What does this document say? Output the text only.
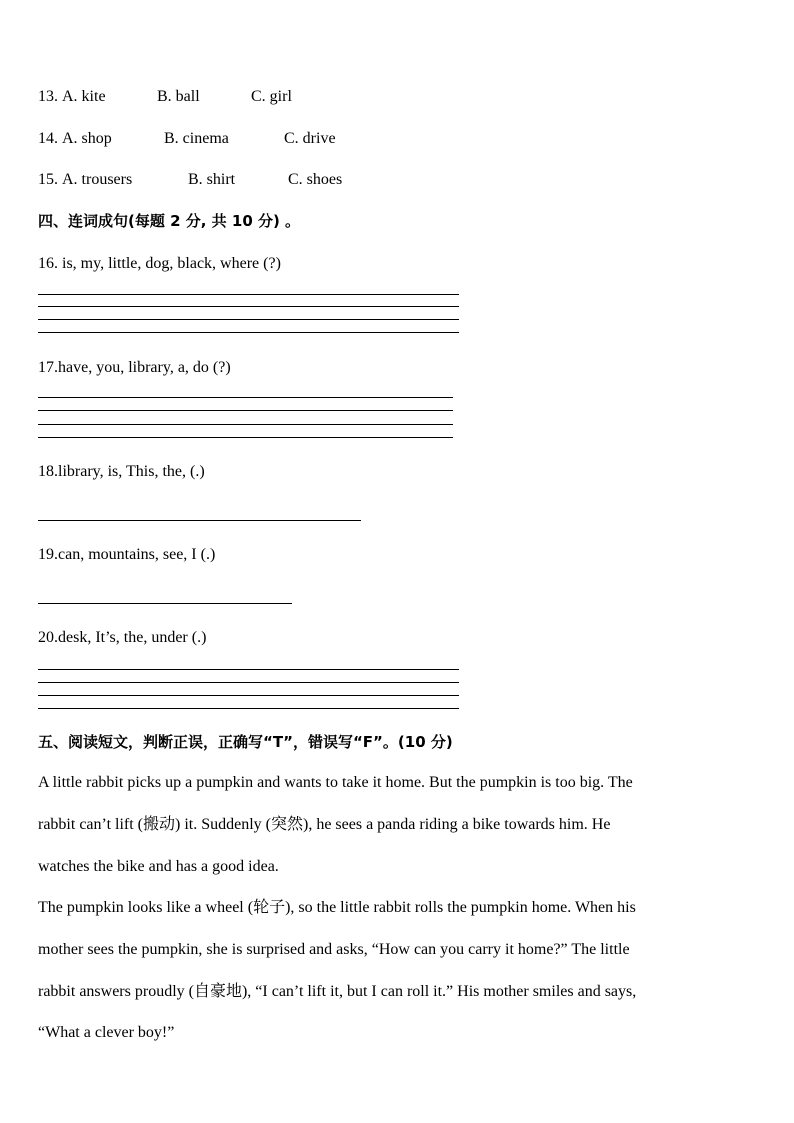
13. A. kite	B. ball	C. girl
14. A. shop	B. cinema	C. drive
15. A. trousers	B. shirt	C. shoes
四、连词成句(每题 2 分, 共 10 分) 。
16. is, my, little, dog, black, where (?)
17.have, you, library, a, do (?)
18.library, is, This, the, (.)
19.can, mountains, see, I (.)
20.desk, It’s, the, under (.)
五、阅读短文，判断正误，正确写“T”，错误写“F”。(10 分)
A little rabbit picks up a pumpkin and wants to take it home. But the pumpkin is too big. The
rabbit can’t lift (搬动) it. Suddenly (突然), he sees a panda riding a bike towards him. He
watches the bike and has a good idea.
The pumpkin looks like a wheel (轮子), so the little rabbit rolls the pumpkin home. When his
mother sees the pumpkin, she is surprised and asks, “How can you carry it home?” The little
rabbit answers proudly (自豪地), “I can’t lift it, but I can roll it.” His mother smiles and says,
“What a clever boy!”
